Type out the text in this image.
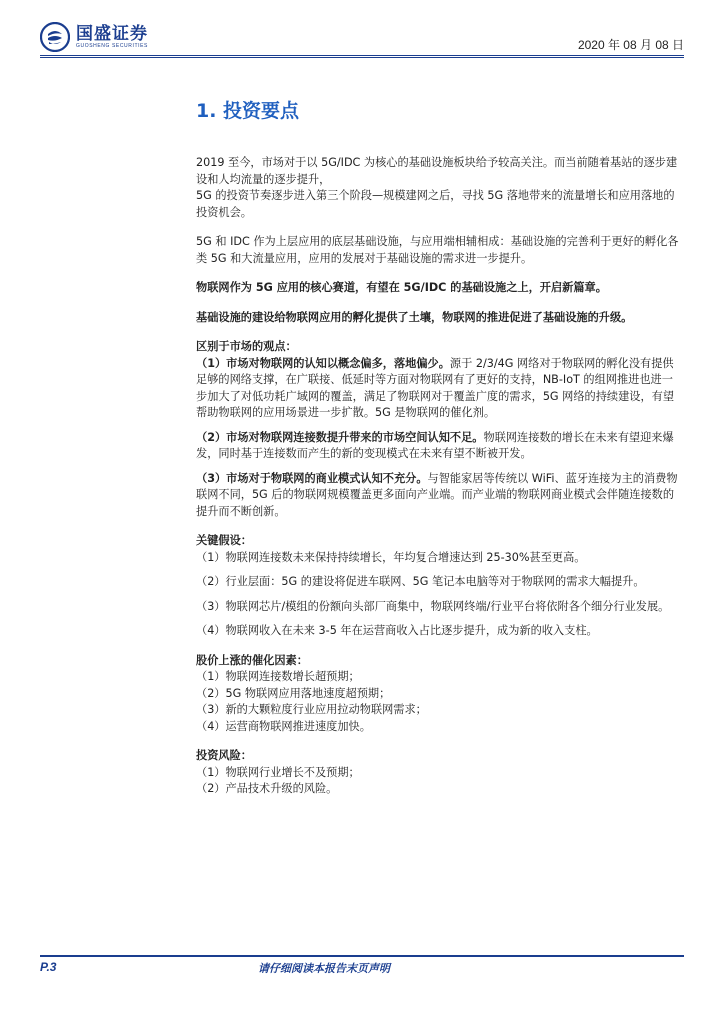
国盛证券
GUOSHENG SECURITIES	2020 年 08 月 08 日
1. 投资要点

2019 至今，市场对于以 5G/IDC 为核心的基础设施板块给予较高关注。而当前随着基站的逐步建设和人均流量的逐步提升，

5G 的投资节奏逐步进入第三个阶段—规模建网之后，寻找 5G 落地带来的流量增长和应用落地的投资机会。

5G 和 IDC 作为上层应用的底层基础设施，与应用端相辅相成：基础设施的完善利于更好的孵化各类 5G 和大流量应用，应用的发展对于基础设施的需求进一步提升。

物联网作为 5G 应用的核心赛道，有望在 5G/IDC 的基础设施之上，开启新篇章。

基础设施的建设给物联网应用的孵化提供了土壤，物联网的推进促进了基础设施的升级。

区别于市场的观点：

（1）市场对物联网的认知以概念偏多，落地偏少。源于 2/3/4G 网络对于物联网的孵化没有提供足够的网络支撑，在广联接、低延时等方面对物联网有了更好的支持，NB-IoT 的组网推进也进一步加大了对低功耗广域网的覆盖，满足了物联网对于覆盖广度的需求，5G 网络的持续建设，有望帮助物联网的应用场景进一步扩散。5G 是物联网的催化剂。

（2）市场对物联网连接数提升带来的市场空间认知不足。物联网连接数的增长在未来有望迎来爆发，同时基于连接数而产生的新的变现模式在未来有望不断被开发。

（3）市场对于物联网的商业模式认知不充分。与智能家居等传统以 WiFi、蓝牙连接为主的消费物联网不同，5G 后的物联网规模覆盖更多面向产业端。而产业端的物联网商业模式会伴随连接数的提升而不断创新。

关键假设：

（1）物联网连接数未来保持持续增长，年均复合增速达到 25-30%甚至更高。

（2）行业层面：5G 的建设将促进车联网、5G 笔记本电脑等对于物联网的需求大幅提升。

（3）物联网芯片/模组的份额向头部厂商集中，物联网终端/行业平台将依附各个细分行业发展。

（4）物联网收入在未来 3-5 年在运营商收入占比逐步提升，成为新的收入支柱。

股价上涨的催化因素：

（1）物联网连接数增长超预期；

（2）5G 物联网应用落地速度超预期；

（3）新的大颗粒度行业应用拉动物联网需求；

（4）运营商物联网推进速度加快。

投资风险：

（1）物联网行业增长不及预期；

（2）产品技术升级的风险。

P.3	请仔细阅读本报告末页声明
